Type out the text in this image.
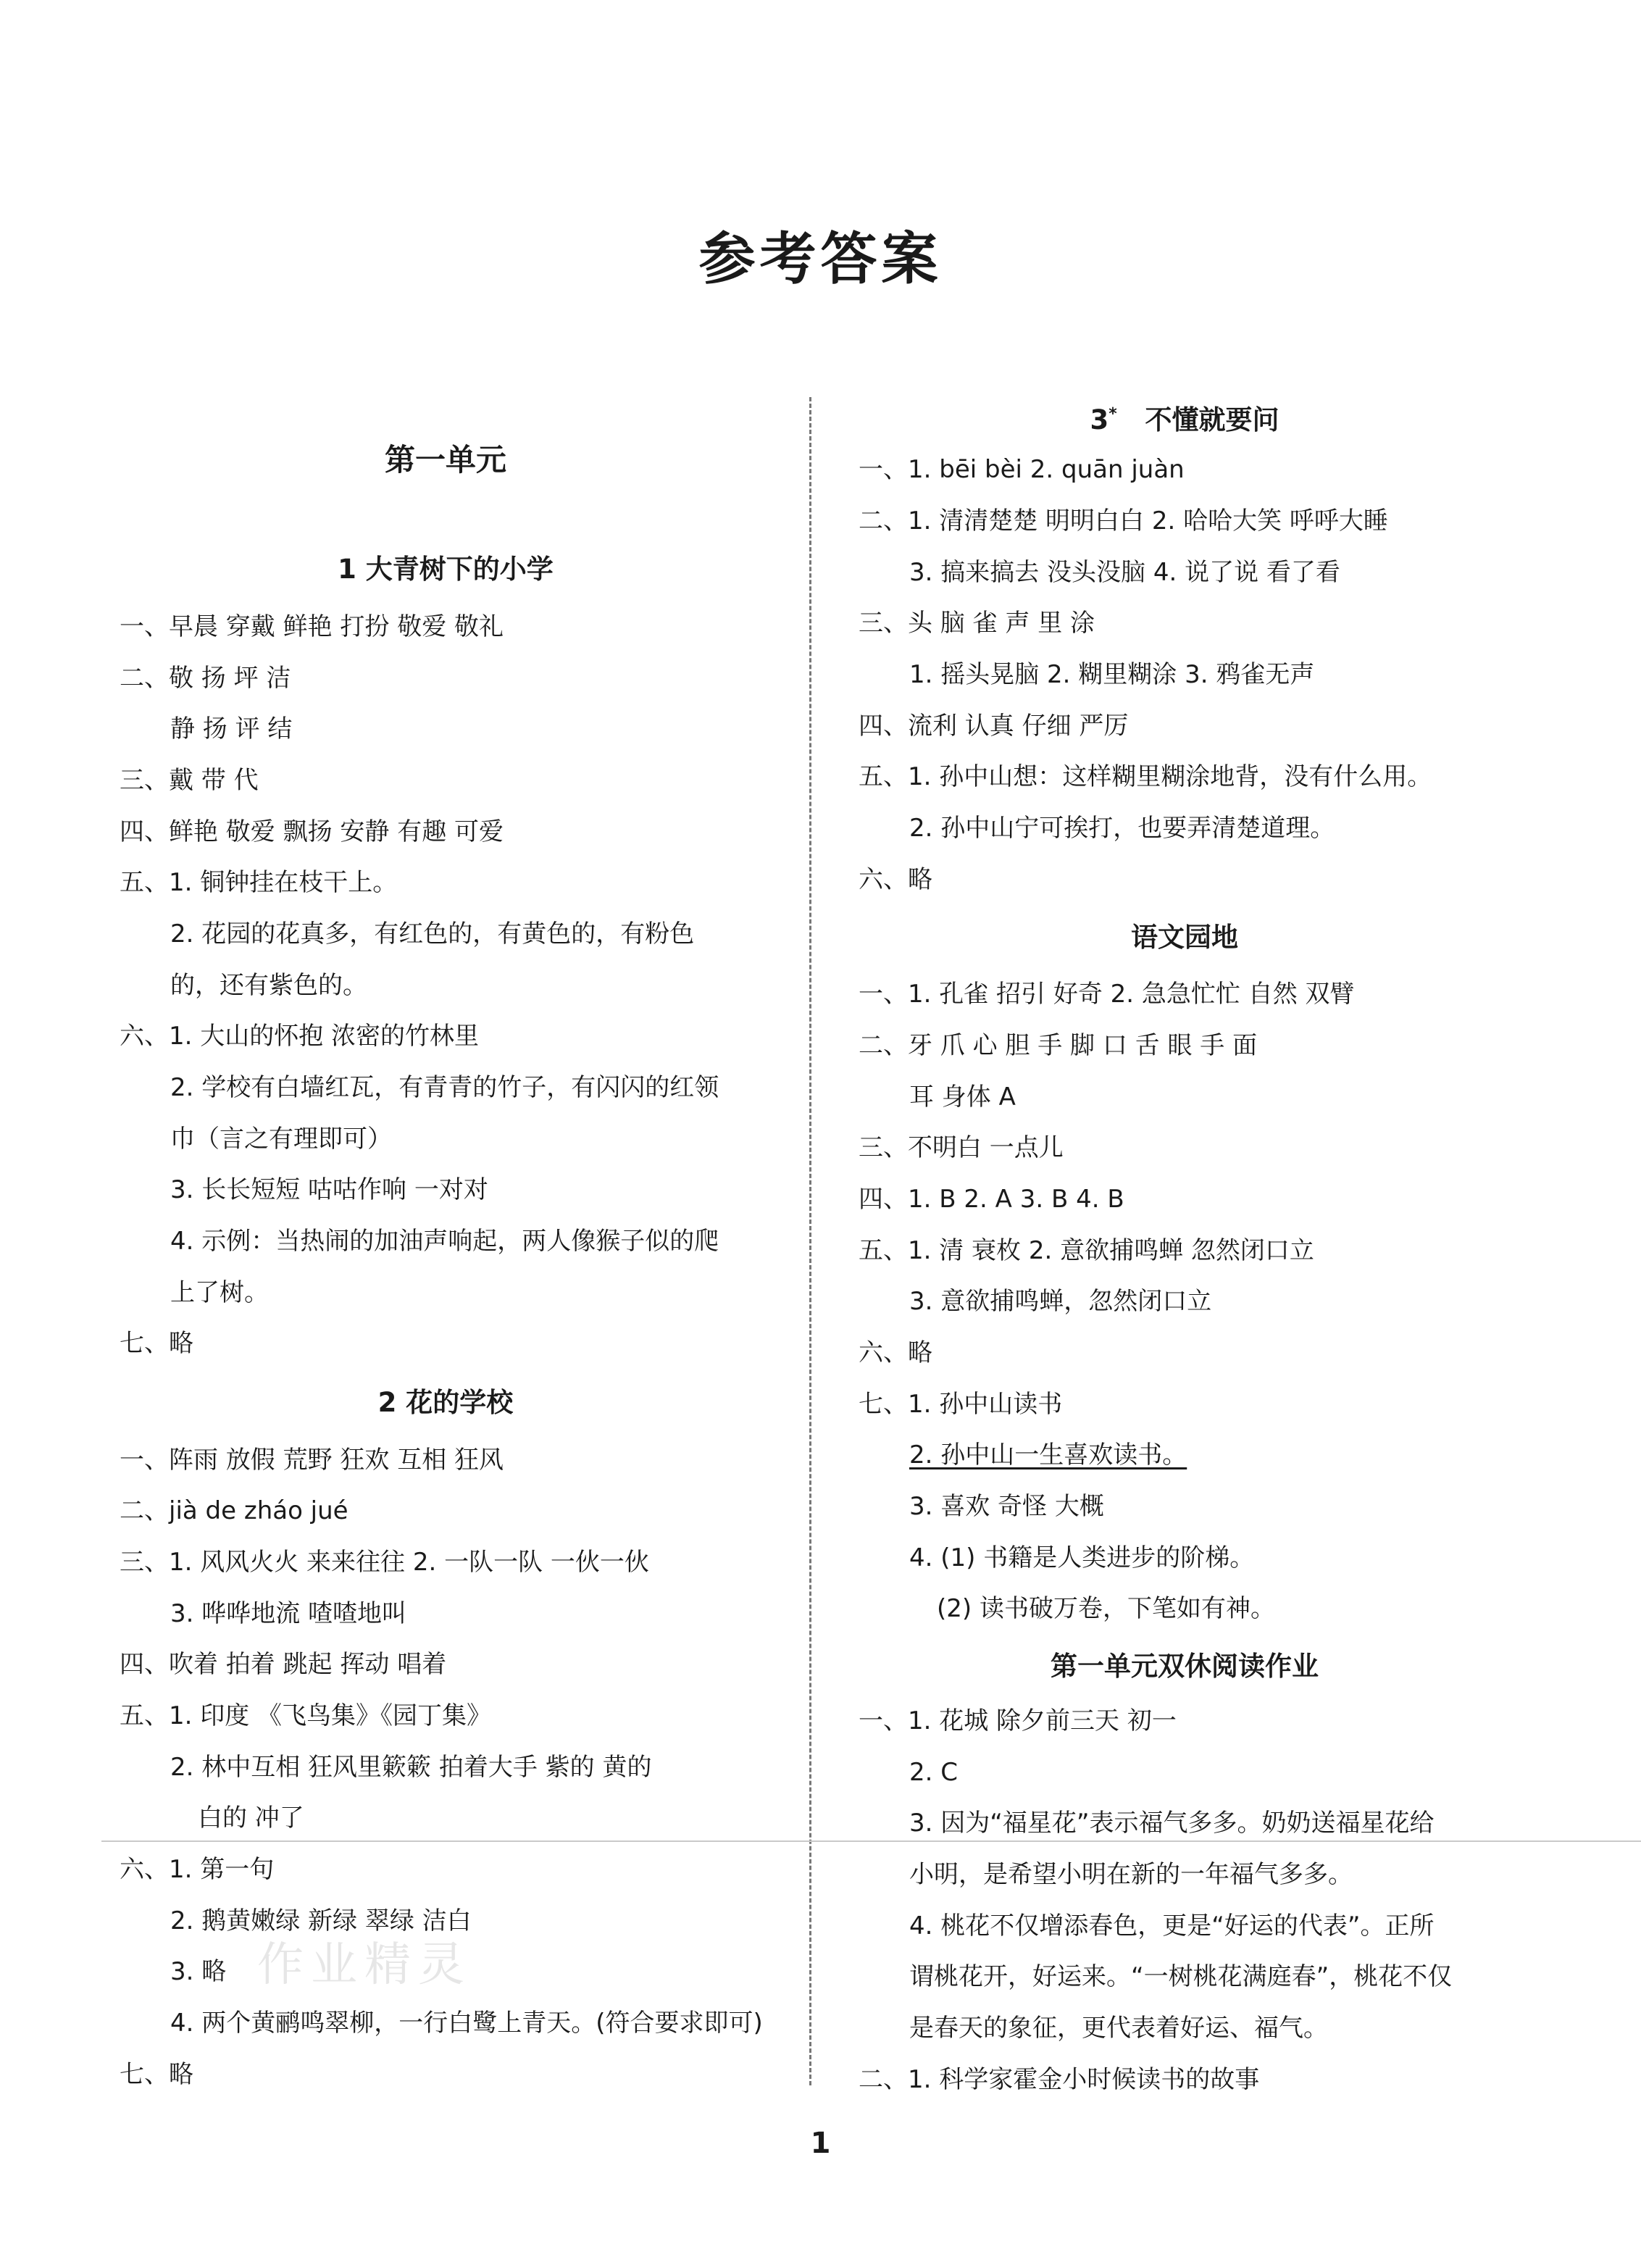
参考答案
作业精灵
第一单元
1 大青树下的小学
一、早晨 穿戴 鲜艳 打扮 敬爱 敬礼
二、敬 扬 坪 洁
静 扬 评 结
三、戴 带 代
四、鲜艳 敬爱 飘扬 安静 有趣 可爱
五、1. 铜钟挂在枝干上。
2. 花园的花真多，有红色的，有黄色的，有粉色
的，还有紫色的。
六、1. 大山的怀抱 浓密的竹林里
2. 学校有白墙红瓦，有青青的竹子，有闪闪的红领
巾（言之有理即可）
3. 长长短短 咕咕作响 一对对
4. 示例：当热闹的加油声响起，两人像猴子似的爬
上了树。
七、略
2 花的学校
一、阵雨 放假 荒野 狂欢 互相 狂风
二、jià de zháo jué
三、1. 风风火火 来来往往 2. 一队一队 一伙一伙
3. 哗哗地流 喳喳地叫
四、吹着 拍着 跳起 挥动 唱着
五、1. 印度 《飞鸟集》《园丁集》
2. 林中互相 狂风里簌簌 拍着大手 紫的 黄的
白的 冲了
六、1. 第一句
2. 鹅黄嫩绿 新绿 翠绿 洁白
3. 略
4. 两个黄鹂鸣翠柳，一行白鹭上青天。(符合要求即可)
七、略
3* 不懂就要问
一、1. bēi bèi 2. quān juàn
二、1. 清清楚楚 明明白白 2. 哈哈大笑 呼呼大睡
3. 搞来搞去 没头没脑 4. 说了说 看了看
三、头 脑 雀 声 里 涂
1. 摇头晃脑 2. 糊里糊涂 3. 鸦雀无声
四、流利 认真 仔细 严厉
五、1. 孙中山想：这样糊里糊涂地背，没有什么用。
2. 孙中山宁可挨打，也要弄清楚道理。
六、略
语文园地
一、1. 孔雀 招引 好奇 2. 急急忙忙 自然 双臂
二、牙 爪 心 胆 手 脚 口 舌 眼 手 面
耳 身体 A
三、不明白 一点儿
四、1. B 2. A 3. B 4. B
五、1. 清 衰枚 2. 意欲捕鸣蝉 忽然闭口立
3. 意欲捕鸣蝉，忽然闭口立
六、略
七、1. 孙中山读书
2. 孙中山一生喜欢读书。
3. 喜欢 奇怪 大概
4. (1) 书籍是人类进步的阶梯。
(2) 读书破万卷，下笔如有神。
第一单元双休阅读作业
一、1. 花城 除夕前三天 初一
2. C
3. 因为“福星花”表示福气多多。奶奶送福星花给
小明，是希望小明在新的一年福气多多。
4. 桃花不仅增添春色，更是“好运的代表”。正所
谓桃花开，好运来。“一树桃花满庭春”，桃花不仅
是春天的象征，更代表着好运、福气。
二、1. 科学家霍金小时候读书的故事
1
